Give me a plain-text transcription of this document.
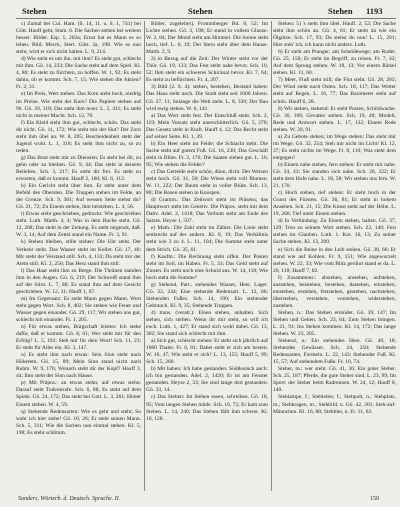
Stehen	Stehen	Stehen 1193

c) Zumal bei Col. Ham. (S. 14, 11. u. S. 1, 741) bei Gött. Hauff geht; Stam. 6. Die Sachen stehen bei weitem besser. Bilder. Esp. 1, 262a; Ernst hat es Mann es so leben. Bild. Merck, Stert. Gött. 3a, 198. Wie es nun steht, wird er sich nicht halten. L. 9, 214.

d) Wie steht es um ihn, mit ihm? Es steht gut, schlecht mit ihm. Gö. 14, 233; Die Sache steht auf dem Spiel. Kl. 4, 80; Es steht zu fürchten, zu hoffen. W. 1, 92; Es steht dahin, ob er kommt. Sch. 7, 15; Wie stehen die Aktien? Fr. 2, 31.

e) Im Preis, Wert stehen: Das Korn steht hoch, niedrig im Preise. Wie steht der Kurs? Die Papiere stehen auf 96. Gö. 20, 118; Das steht ihm teuer. L. 2, 411; Es steht nicht in meiner Macht. Sch. 12, 70.

f) Ein Kleid steht ihm gut, schlecht, schön. Das steht dir nicht. Gö. 11, 172; Wie steht mir der Hut? Der Zorn steht ihm übel an. W. 8, 205; Bescheidenheit steht der Jugend wohl. L. 1, 318; Es steht ihm nicht zu, so zu reden.

g) Das Boot steht mir zu Diensten; Es steht bei dir, zu gehn oder zu bleiben. Gö. 9, 44; Das steht in deinem Belieben. Sch. 3, 217; Es steht dir frei. Es steht zu erwarten, daß er kommt. Hauff 2, 160; Kl. 6, 112.

h) Ein Gericht steht über ihm. Er steht unter dem Befehl des Obersten. Die Truppen stehen im Felde, an der Grenze. Sch. 9, 301; Auf wessen Seite stehst du? Gö. 21, 72; Zu Einem stehen, ihm beistehen. L. 4, 56.

i) Etwas steht geschrieben, gedruckt: Wie geschrieben steht. Luth. Matth. 4, 4; Was in dem Buche steht. Gö. 12, 208; Das steht in der Zeitung. Es steht nirgends, daß. W. 3, 14; Auf dem Zettel stand ein Name. Fr. 3, 91.

k) Stehen bleiben, stille stehen: Die Uhr steht. Der Verkehr steht. Das Wasser steht im Keller. Gö. 17, 40; Mir steht der Verstand still. Sch. 4, 133; Da steht mir der Atem still. Kl. 2, 250; Das Herz stand ihm still.

l) Das Haar steht ihm zu Berge. Die Thränen standen ihm in den Augen. Gö. 6, 219; Der Schweiß stand ihm auf der Stirn. L. 7, 88; Es stand ihm auf dem Gesicht geschrieben. W. 12, 31; Hauff 1, 67.

m) Im Gegensatz: Es steht Mann gegen Mann. Wort steht gegen Wort. Sch. 8, 402; Sie stehen wie Feuer und Wasser gegen einander. Gö. 29, 117; Wir stehen uns gut, schlecht mit einander. Fr. 1, 205.

n) Für etwas stehen, Bürgschaft leisten: Ich stehe dafür, daß er kommt. Gö. 8, 61; Wer steht mir für den Erfolg? L. 5, 192; Steh mir für dein Wort! Sch. 11, 23; Er steht für Alles ein. Kl. 3, 147.

o) Es steht ihm nach etwas: Sein Sinn steht nach Höherem. Gö. 15, 89; Mein Sinn stand nicht nach Ruhm. W. 9, 176; Wonach steht dir der Kopf? Hauff 3, 44; Ihm steht der Sinn nach Hause.

p) Mit Präpos.: an etwas stehn; auf etwas stehn: Darauf steht Todesstrafe. Sch. 6, 88; Es steht auf dem Spiele. Gö. 24, 172; Das steht bei Gott. L. 3, 261; Hinter Einem stehen. W. 4, 59.

q) Stehende Redensarten: Wie es geht und steht; So wahr ich hier stehe! Gö. 10, 26; Er steht seinen Mann. Sch. 5, 311; Wie die Sachen nun einmal stehen. Kl. 5, 198; Es steht schlimm.

Bilder, zugeleitet]. Frommberger Bd. 8, 52; Im Lichte stehen. Gö. 3, 198; Er stand in vollem Glanze. W. 2, 84; Der Mond steht am Himmel. Die Sonne steht hoch, tief. L. 6, 19; Der Stern steht über dem Hause. Matth. 2, 9.

2) in Bezug auf die Zeit: Der Winter steht vor der Thür. Gö. 19, 133; Das Fest steht nahe bevor. Sch. 10, 52; Ihm steht ein schweres Schicksal bevor. Kl. 7, 64; Es steht zu befürchten. Fr. 4, 207.

3) Bild (2. S. 4): stehen, bestehen, Bestand haben: Das Haus steht noch. Die Stadt steht seit 1000 Jahren. Gö. 27, 11; Solange die Welt steht. L. 8, 330; Der Bau wird ewig stehen. W. 6, 141.

a) Das Wort steht fest. Der Entschluß steht. Sch. 2, 119; Mein Vorsatz steht unerschütterlich. Gö. 5, 270; Das Gesetz steht in Kraft. Hauff 4, 12; Das Recht steht auf seiner Seite. Kl. 1, 39.

b) Ein Heer steht im Felde; die Schlacht steht. Die Sache steht auf gutem Fuß. Gö. 16, 230; Das Geschäft steht in Blüte. Fr. 2, 176; Die Saaten stehen gut. L. 10, 95; Wie stehen die Felder?

c) Das Getreide steht schön, dünn, dicht. Der Weizen steht hoch. Gö. 31, 58; Die Wiese steht voll Blumen. W. 11, 222; Der Baum steht in voller Blüte. Sch. 13, 80; Die Rosen stehen in Knospen.

d) Gramm.: Das Zeitwort steht im Präsens; das Hauptwort steht im Genetiv. Die Präpos. steht mit dem Dativ. Adel. 2, 1418; Das Verbum steht am Ende des Satzes. Heyse 1, 507.

e) Math.: Die Zahl steht im Zähler. Die Linie steht senkrecht auf der andern. Kl. 8, 19; Das Verhältnis steht wie 3 zu 4. L. 11, 104; Die Summe steht unter dem Strich. Gö. 35, 61.

f) Kaufm.: Die Rechnung steht offen. Der Posten steht im Soll, im Haben. Fr. 5, 33; Das Geld steht auf Zinsen. Es steht noch eine Schuld aus. W. 14, 118; Wie hoch steht die Summe?

g) Stehend, Part.: stehendes Wasser, Heer, Lager. Gö. 22, 244; Eine stehende Redensart. L. 12, 66; Stehenden Fußes. Sch. 14, 190; Ein stehender Gebrauch. Kl. 9, 35; Stehende Truppen.

4) trans. (veralt.): Einen stehen, anhalten. Sich stehen, sich stellen. Wenn ihr mir steht, so will ich euch. Luth. 1, 427; Er stand sich wohl dabei. Gö. 13, 302; Sie stand sich schlecht mit ihm.

a) Sich gut, schlecht stehen: Er steht sich jährlich auf 1000 Thaler. Fr. 6, 81; Dabei steht er sich am besten. W. 16, 47; Wie steht er sich? L. 13, 155; Hauff 5, 99; Sch. 15, 260.

b) Mit haben: Ich habe gestanden. Süddeutsch auch: ich bin gestanden. Adel. 2, 1420; Er ist am Fenster gestanden. Heyse 2, 33; Sie sind lange dort gestanden. Gö. 33, 14.

c) Das Stehen: Im Stehen essen, schreiben. Gö. 18, 95; Vom langen Stehen müde. Sch. 16, 72; Er kam zum Stehen. L. 14, 240; Das Stehen fällt ihm schwer. Kl. 10, 128.

Stehen: 5) 's steht ihm übel. Haufl. 2, 52; Die Sache steht ihm schön an. Gö. 4, 61; Er steht da wie ein Ölgötze. Sch. 17, 93; Da stehst du nun! L. 15, 201; Hier steh' ich, ich kann nicht anders. Luth.

6) Er steht am Pranger; am Scheidewege; am Ruder. Gö. 25, 150; Er steht im Begriff, zu reisen. Fr. 7, 42; Auf dem Sprung stehen. W. 18, 13; Vor einem Rätsel stehen. Kl. 11, 60.

7) Meer, Fluß steht still; die Flut steht. Gö. 28, 203; Der Wind steht nach Osten. Sch. 18, 117; Das Wetter steht auf Regen. L. 16, 77; Das Barometer steht auf schön. Hauff 6, 28.

8) Wir stehen, stehend: Er steht Posten, Schildwache. Gö. 30, 166; Gevatter stehen. Sch. 19, 48; Modell, Rede und Antwort stehen. L. 17, 132; Einem Rede stehen. W. 20, 91.

a) Zu Gebote stehen; im Wege stehen: Das steht mir im Wege. Gö. 32, 254; Steh mir nicht im Licht! Kl. 12, 37; Es steht nichts im Wege. Fr. 8, 110; Was steht dem entgegen?

b) Einem nahe stehen, fern stehen: Er steht mir nahe. Gö. 34, 43; Sie standen sich nahe. Sch. 20, 222; Er steht dem Hofe nahe. L. 18, 58; Wir stehen uns fern. W. 21, 170.

c) Hoch stehen, tief stehen: Er steht hoch in der Gunst des Fürsten. Gö. 36, 81; Er steht in hohem Ansehen. Sch. 21, 15; Die Kunst steht auf der Höhe. L. 19, 260; Tief unter Einem stehen.

d) In Verbindung: Zu Einem stehen, halten. Gö. 37, 129; Treu zu seinem Wort stehen. Sch. 22, 140; Fest stehen im Glauben. Luth. 1. Kor. 16, 13; Zu seiner Sache stehen. Kl. 13, 209.

e) Sich die Beine in den Leib stehen. Gö. 38, 66; Er stand wie auf Kohlen. Fr. 9, 151; Wie angewurzelt stehen. W. 22, 33; Wie vom Blitz gerührt stand er da. L. 20, 118; Hauff 7, 82.

f) Zusammens.: abstehen, anstehen, aufstehen, ausstehen, beistehen, bestehen, dastehen, einstehen, entstehen, erstehen, feststehen, gestehen, nachstehen, überstehen, verstehen, vorstehen, widerstehen, zustehen.

Stehen, n.: Das Stehen ermüdet. Gö. 39, 147; Im Stehen und Gehen. Sch. 23, 64; Zum Stehen bringen. L. 21, 91; Ins Stehen kommen. Kl. 14, 172; Das lange Stehen. W. 23, 205.

Stehend, a.: Ein stehendes Heer. Gö. 40, 18; Stehendes Gewässer. Sch. 24, 250; Stehende Redensarten, Formeln. L. 22, 143; Stehender Fuß. Kl. 15, 57; Auf stehendem Fuße. Fr. 10, 74.

Steher, m.: wer steht. Gö. 41, 36; Ein guter Steher. Sch. 25, 187; Pferde, die gute Steher sind. L. 23, 99; Im Sport: der Steher beim Radrennen. W. 24, 12; Hauff 8, 140.

Stehlampe, f.; Stehleiter, f.; Stehpult, n.; Stehplatz, m.; Stehkragen, m.; Stehbild, n. Gö. 42, 201; Steh-auf-Männchen. Kl. 16, 88; Stehbier, n. Fr. 11, 63.

Sanders, Wörterb. d. Deutsch. Sprache. II.	150
